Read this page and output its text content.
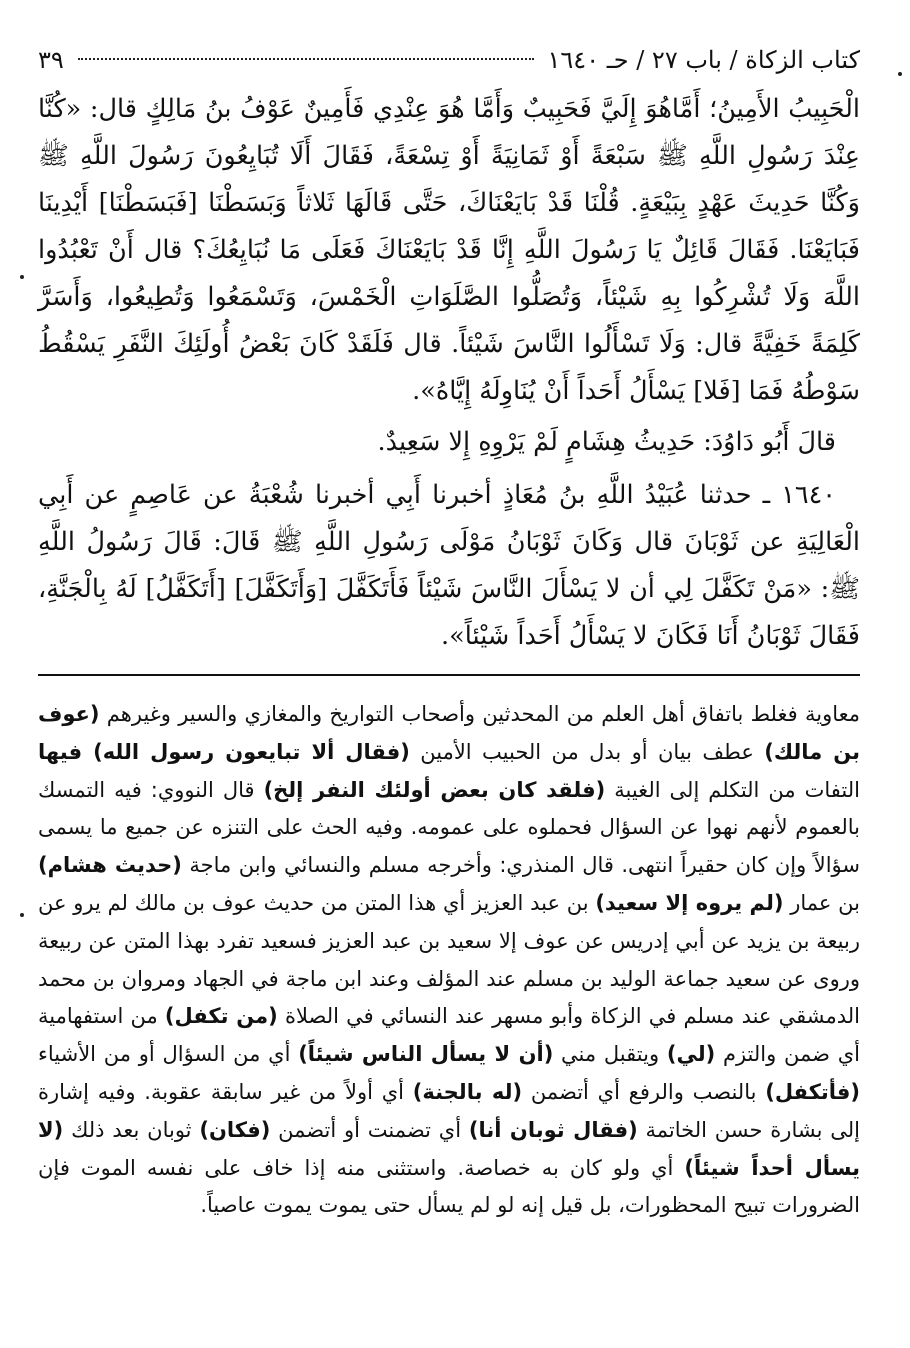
كتاب الزكاة / باب ٢٧ / حـ ١٦٤٠
٣٩

الْحَبِيبُ الأَمِينُ؛ أَمَّاهُوَ إِلَيَّ فَحَبِيبٌ وَأَمَّا هُوَ عِنْدِي فَأَمِينٌ عَوْفُ بنُ مَالِكٍ قال: «كُنَّا عِنْدَ رَسُولِ اللَّهِ ﷺ سَبْعَةً أَوْ ثَمَانِيَةً أَوْ تِسْعَةً، فَقَالَ أَلَا تُبَايِعُونَ رَسُولَ اللَّهِ ﷺ وَكُنَّا حَدِيثَ عَهْدٍ بِبَيْعَةٍ. قُلْنَا قَدْ بَايَعْنَاكَ، حَتَّى قَالَهَا ثَلاثاً وَبَسَطْنَا [فَبَسَطْنَا] أَيْدِينَا فَبَايَعْنَا. فَقَالَ قَائِلٌ يَا رَسُولَ اللَّهِ إِنَّا قَدْ بَايَعْنَاكَ فَعَلَى مَا نُبَايِعُكَ؟ قال أَنْ تَعْبُدُوا اللَّهَ وَلَا تُشْرِكُوا بِهِ شَيْئاً، وَتُصَلُّوا الصَّلَوَاتِ الْخَمْسَ، وَتَسْمَعُوا وَتُطِيعُوا، وَأَسَرَّ كَلِمَةً خَفِيَّةً قال: وَلَا تَسْأَلُوا النَّاسَ شَيْئاً. قال فَلَقَدْ كَانَ بَعْضُ أُولَئِكَ النَّفَرِ يَسْقُطُ سَوْطُهُ فَمَا [فَلا] يَسْأَلُ أَحَداً أَنْ يُنَاوِلَهُ إِيَّاهُ».

قالَ أَبُو دَاوُدَ: حَدِيثُ هِشَامٍ لَمْ يَرْوِهِ إِلا سَعِيدٌ.

١٦٤٠ ـ حدثنا عُبَيْدُ اللَّهِ بنُ مُعَاذٍ أخبرنا أَبِي أخبرنا شُعْبَةُ عن عَاصِمٍ عن أَبِي الْعَالِيَةِ عن ثَوْبَانَ قال وَكَانَ ثَوْبَانُ مَوْلَى رَسُولِ اللَّهِ ﷺ قَالَ: قَالَ رَسُولُ اللَّهِ ﷺ: «مَنْ تَكَفَّلَ لِي أن لا يَسْأَلَ النَّاسَ شَيْئاً فَأَتَكَفَّلَ [وَأَتَكَفَّلَ] [أَتَكَفَّلُ] لَهُ بِالْجَنَّةِ، فَقَالَ ثَوْبَانُ أَنَا فَكَانَ لا يَسْأَلُ أَحَداً شَيْئاً».

معاوية فغلط باتفاق أهل العلم من المحدثين وأصحاب التواريخ والمغازي والسير وغيرهم (عوف بن مالك) عطف بيان أو بدل من الحبيب الأمين (فقال ألا تبايعون رسول الله) فيها التفات من التكلم إلى الغيبة (فلقد كان بعض أولئك النفر إلخ) قال النووي: فيه التمسك بالعموم لأنهم نهوا عن السؤال فحملوه على عمومه. وفيه الحث على التنزه عن جميع ما يسمى سؤالاً وإن كان حقيراً انتهى. قال المنذري: وأخرجه مسلم والنسائي وابن ماجة (حديث هشام) بن عمار (لم يروه إلا سعيد) بن عبد العزيز أي هذا المتن من حديث عوف بن مالك لم يرو عن ربيعة بن يزيد عن أبي إدريس عن عوف إلا سعيد بن عبد العزيز فسعيد تفرد بهذا المتن عن ربيعة وروى عن سعيد جماعة الوليد بن مسلم عند المؤلف وعند ابن ماجة في الجهاد ومروان بن محمد الدمشقي عند مسلم في الزكاة وأبو مسهر عند النسائي في الصلاة (من تكفل) من استفهامية أي ضمن والتزم (لي) ويتقبل مني (أن لا يسأل الناس شيئاً) أي من السؤال أو من الأشياء (فأتكفل) بالنصب والرفع أي أتضمن (له بالجنة) أي أولاً من غير سابقة عقوبة. وفيه إشارة إلى بشارة حسن الخاتمة (فقال ثوبان أنا) أي تضمنت أو أتضمن (فكان) ثوبان بعد ذلك (لا يسأل أحداً شيئاً) أي ولو كان به خصاصة. واستثنى منه إذا خاف على نفسه الموت فإن الضرورات تبيح المحظورات، بل قيل إنه لو لم يسأل حتى يموت يموت عاصياً.
